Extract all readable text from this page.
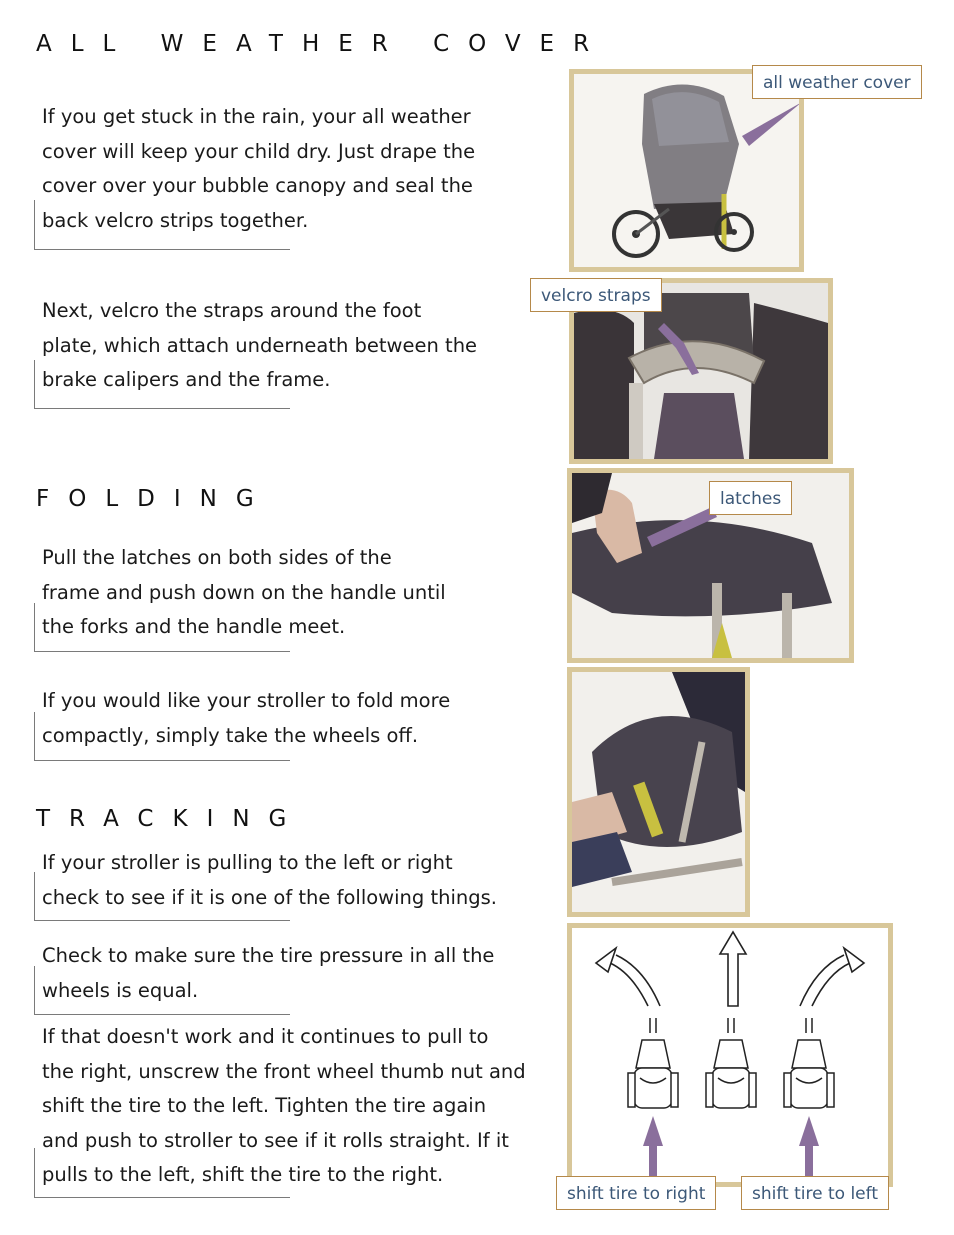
ALL WEATHER COVER
If you get stuck in the rain, your all weather
cover will keep your child dry. Just drape the
cover over your bubble canopy and seal the
back velcro strips together.
Next, velcro the straps around the foot
plate, which attach underneath between the
brake calipers and the frame.
FOLDING
Pull the latches on both sides of the
frame and push down on the handle until
the forks and the handle meet.
If you would like your stroller to fold more
compactly, simply take the wheels off.
TRACKING
If your stroller is pulling to the left or right
check to see if it is one of the following things.
Check to make sure the tire pressure in all the
wheels is equal.
If that doesn't work and it continues to pull to
the right, unscrew the front wheel thumb nut and
shift the tire to the left. Tighten the tire again
and push to stroller to see if it rolls straight. If it
pulls to the left, shift the tire to the right.
all weather cover
velcro straps
latches
shift tire to right	shift tire to left
